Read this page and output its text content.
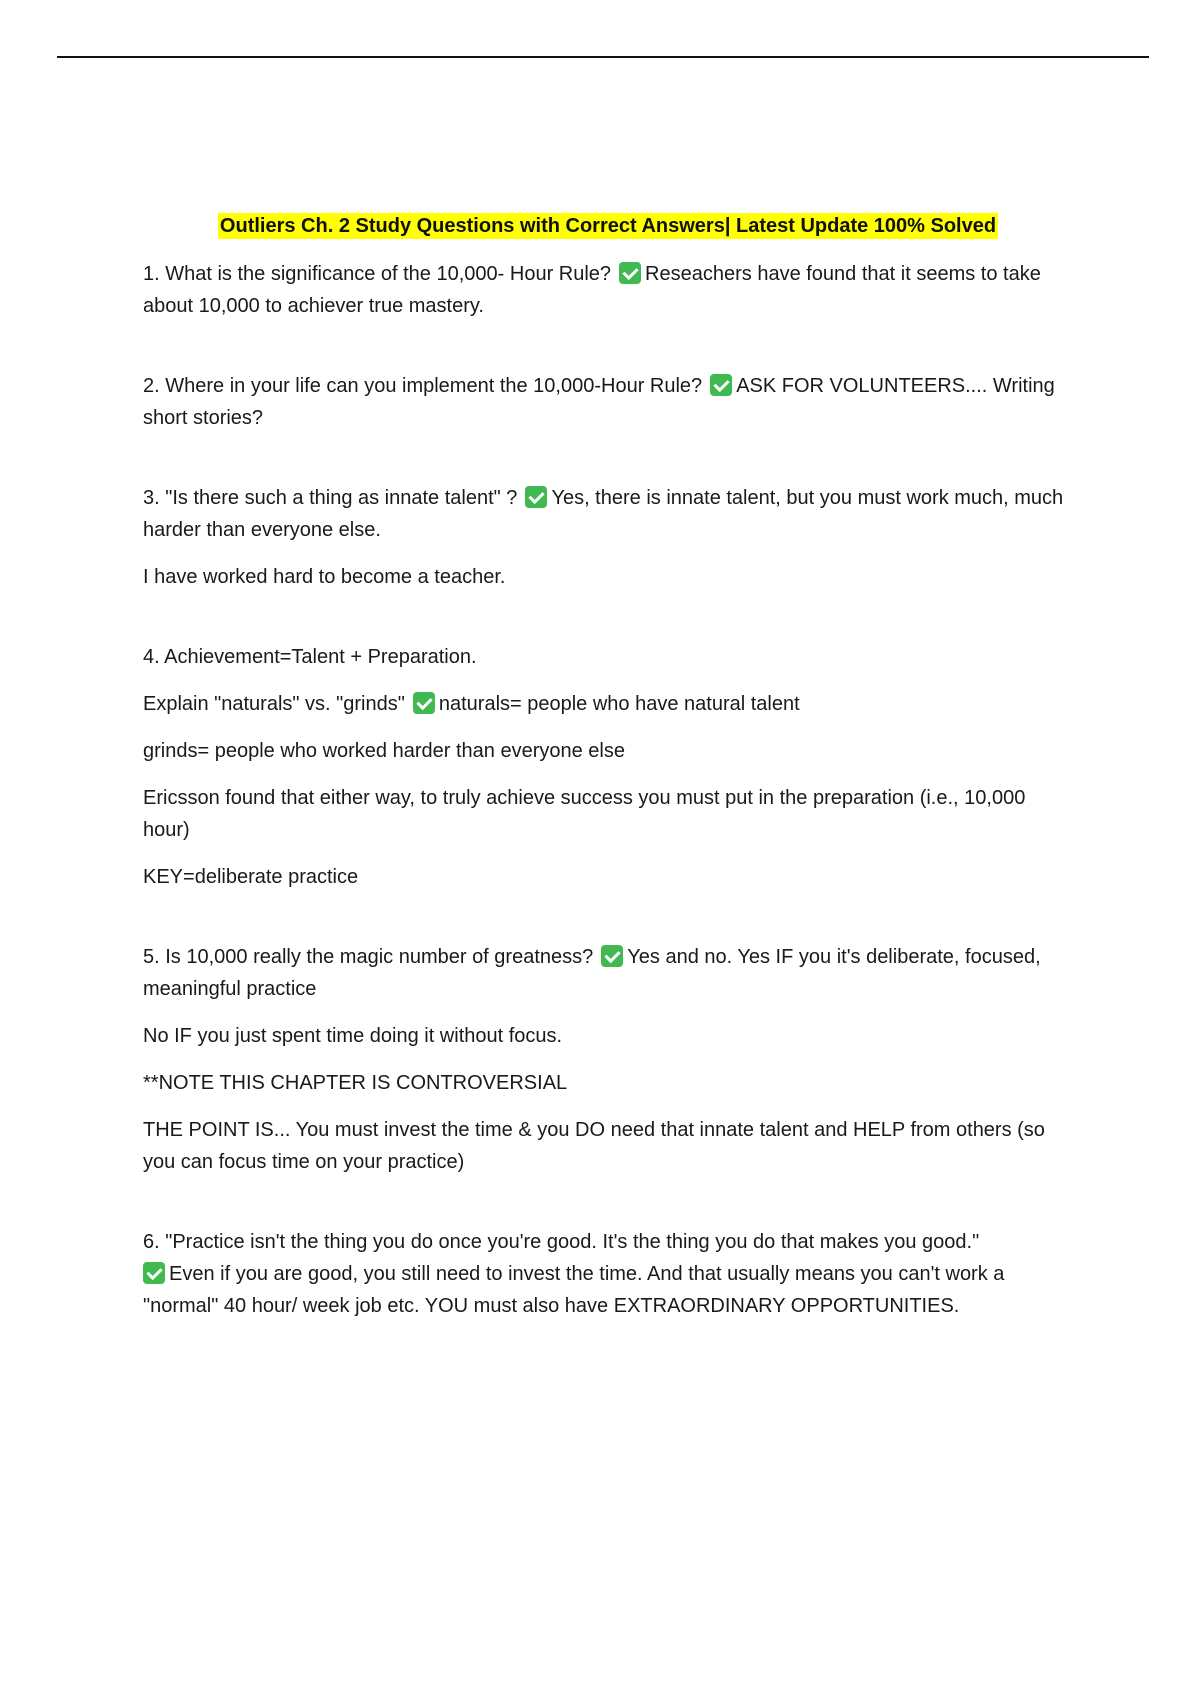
Outliers Ch. 2 Study Questions with Correct Answers| Latest Update 100% Solved

1. What is the significance of the 10,000- Hour Rule? Reseachers have found that it seems to take about 10,000 to achiever true mastery.

2. Where in your life can you implement the 10,000-Hour Rule? ASK FOR VOLUNTEERS.... Writing short stories?

3. "Is there such a thing as innate talent" ? Yes, there is innate talent, but you must work much, much harder than everyone else.

I have worked hard to become a teacher.

4. Achievement=Talent + Preparation.

Explain "naturals" vs. "grinds" naturals= people who have natural talent

grinds= people who worked harder than everyone else

Ericsson found that either way, to truly achieve success you must put in the preparation (i.e., 10,000 hour)

KEY=deliberate practice

5. Is 10,000 really the magic number of greatness? Yes and no. Yes IF you it's deliberate, focused, meaningful practice

No IF you just spent time doing it without focus.

**NOTE THIS CHAPTER IS CONTROVERSIAL

THE POINT IS... You must invest the time & you DO need that innate talent and HELP from others (so you can focus time on your practice)

6. "Practice isn't the thing you do once you're good. It's the thing you do that makes you good."
Even if you are good, you still need to invest the time. And that usually means you can't work a "normal" 40 hour/ week job etc. YOU must also have EXTRAORDINARY OPPORTUNITIES.
